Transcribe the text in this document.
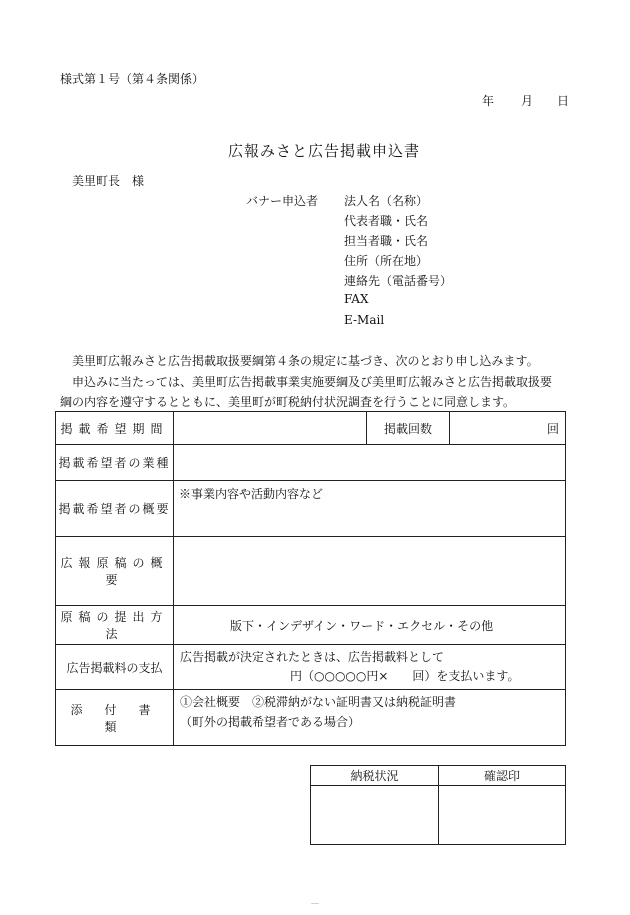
様式第１号（第４条関係）
年 月 日
広報みさと広告掲載申込書
美里町長　様
バナー申込者 法人名（名称）
代表者職・氏名
担当者職・氏名
住所（所在地）
連絡先（電話番号）
FAX
E-Mail
美里町広報みさと広告掲載取扱要綱第４条の規定に基づき、次のとおり申し込みます。
申込みに当たっては、美里町広告掲載事業実施要綱及び美里町広報みさと広告掲載取扱要
綱の内容を遵守するとともに、美里町が町税納付状況調査を行うことに同意します。
掲載希望期間		掲載回数	回
掲載希望者の業種			
掲載希望者の概要	※事業内容や活動内容など		
広報原稿の概要			
原稿の提出方法	版下・インデザイン・ワード・エクセル・その他		
広告掲載料の支払	広告掲載が決定されたときは、広告掲載料として
円（○○○○○円×　　回）を支払います。		

添付書類	①会社概要　②税滞納がない証明書又は納税証明書
（町外の掲載希望者である場合）		
納税状況	確認印

－
